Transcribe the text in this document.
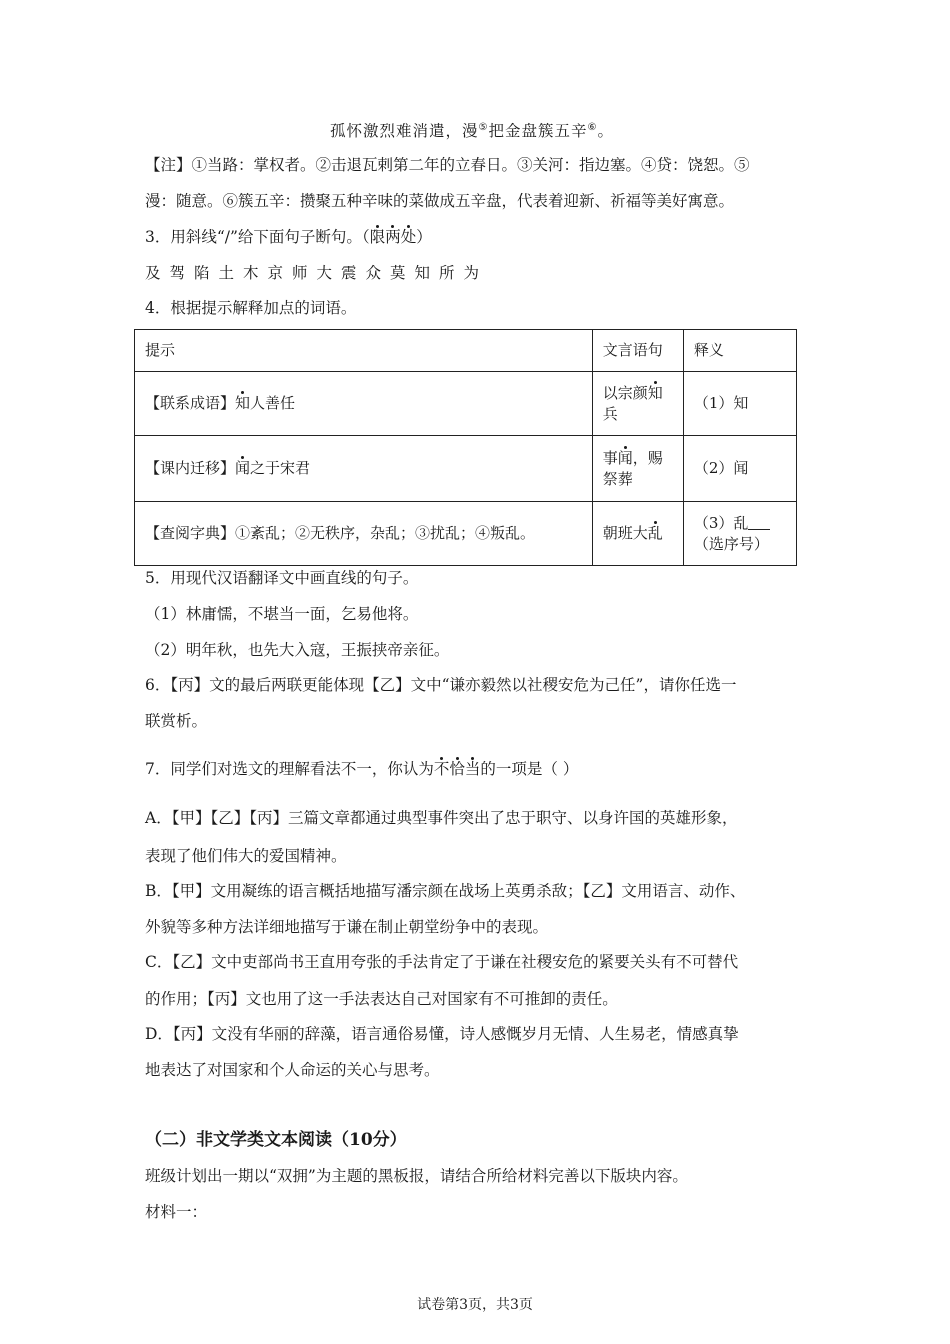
孤怀激烈难消遣，漫⑤把金盘簇五辛⑥。
【注】①当路：掌权者。②击退瓦剌第二年的立春日。③关河：指边塞。④贷：饶恕。⑤
漫：随意。⑥簇五辛：攒聚五种辛味的菜做成五辛盘，代表着迎新、祈福等美好寓意。
3．用斜线“/”给下面句子断句。（限两处）
及驾陷土木京师大震众莫知所为
4．根据提示解释加点的词语。
提示	文言语句	释义
【联系成语】知人善任	以宗颜知兵	（1）知
【课内迁移】闻之于宋君	事闻，赐祭葬	（2）闻
【查阅字典】①紊乱；②无秩序，杂乱；③扰乱；④叛乱。	朝班大乱	（3）乱
（选序号）
5．用现代汉语翻译文中画直线的句子。
（1）林庸懦，不堪当一面，乞易他将。
（2）明年秋，也先大入寇，王振挟帝亲征。
6．【丙】文的最后两联更能体现【乙】文中“谦亦毅然以社稷安危为己任”，请你任选一
联赏析。
7．同学们对选文的理解看法不一，你认为不恰当的一项是（ ）
A．【甲】【乙】【丙】三篇文章都通过典型事件突出了忠于职守、以身许国的英雄形象，
表现了他们伟大的爱国精神。
B．【甲】文用凝练的语言概括地描写潘宗颜在战场上英勇杀敌；【乙】文用语言、动作、
外貌等多种方法详细地描写于谦在制止朝堂纷争中的表现。
C．【乙】文中吏部尚书王直用夸张的手法肯定了于谦在社稷安危的紧要关头有不可替代
的作用；【丙】文也用了这一手法表达自己对国家有不可推卸的责任。
D．【丙】文没有华丽的辞藻，语言通俗易懂，诗人感慨岁月无情、人生易老，情感真挚
地表达了对国家和个人命运的关心与思考。
（二）非文学类文本阅读（10分）
班级计划出一期以“双拥”为主题的黑板报，请结合所给材料完善以下版块内容。
材料一：
试卷第3页，共3页
